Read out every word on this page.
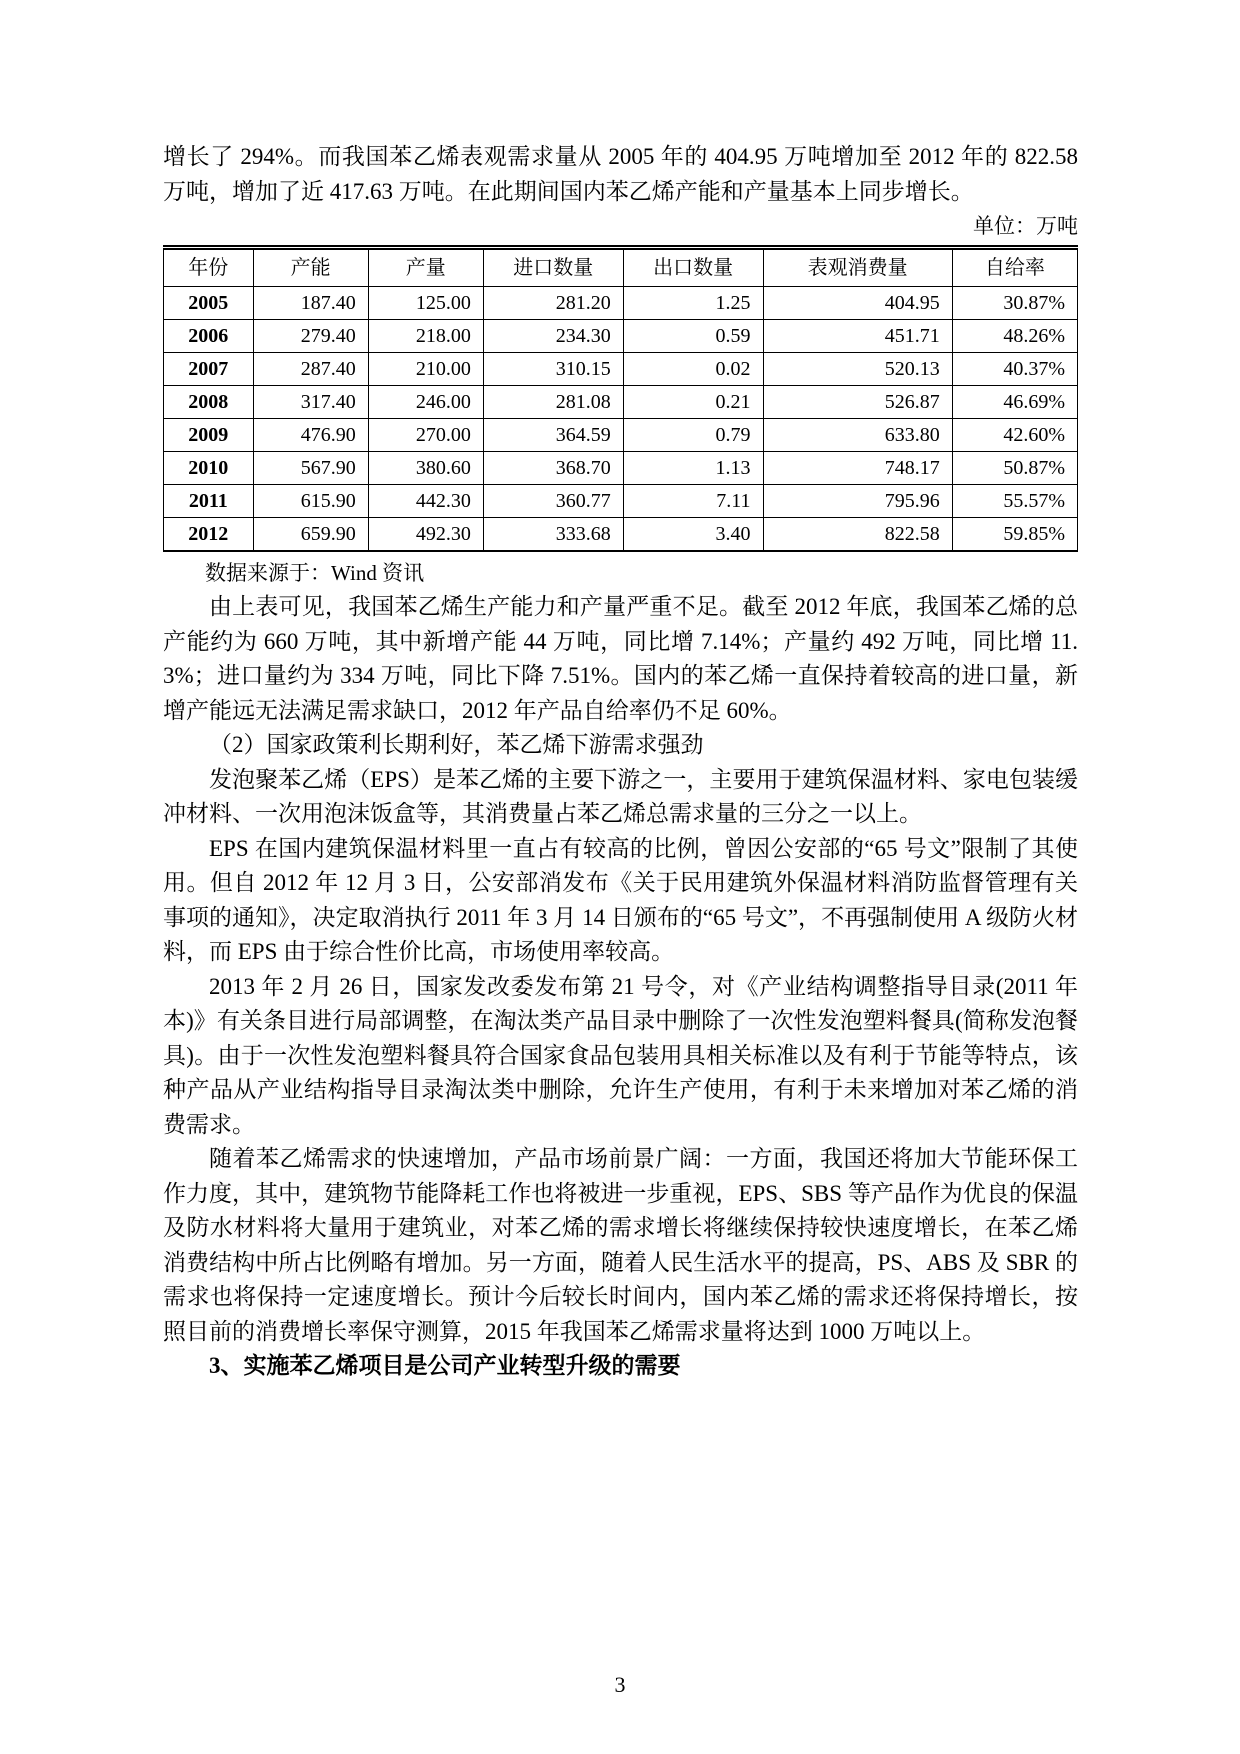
增长了 294%。而我国苯乙烯表观需求量从 2005 年的 404.95 万吨增加至 2012 年的 822.58 万吨，增加了近 417.63 万吨。在此期间国内苯乙烯产能和产量基本上同步增长。

单位：万吨

年份	产能	产量	进口数量	出口数量	表观消费量	自给率
2005	187.40	125.00	281.20	1.25	404.95	30.87%
2006	279.40	218.00	234.30	0.59	451.71	48.26%
2007	287.40	210.00	310.15	0.02	520.13	40.37%
2008	317.40	246.00	281.08	0.21	526.87	46.69%
2009	476.90	270.00	364.59	0.79	633.80	42.60%
2010	567.90	380.60	368.70	1.13	748.17	50.87%
2011	615.90	442.30	360.77	7.11	795.96	55.57%
2012	659.90	492.30	333.68	3.40	822.58	59.85%

数据来源于：Wind 资讯

由上表可见，我国苯乙烯生产能力和产量严重不足。截至 2012 年底，我国苯乙烯的总产能约为 660 万吨，其中新增产能 44 万吨，同比增 7.14%；产量约 492 万吨，同比增 11.3%；进口量约为 334 万吨，同比下降 7.51%。国内的苯乙烯一直保持着较高的进口量，新增产能远无法满足需求缺口，2012 年产品自给率仍不足 60%。

（2）国家政策利长期利好，苯乙烯下游需求强劲

发泡聚苯乙烯（EPS）是苯乙烯的主要下游之一，主要用于建筑保温材料、家电包装缓冲材料、一次用泡沫饭盒等，其消费量占苯乙烯总需求量的三分之一以上。

EPS 在国内建筑保温材料里一直占有较高的比例，曾因公安部的“65 号文”限制了其使用。但自 2012 年 12 月 3 日，公安部消发布《关于民用建筑外保温材料消防监督管理有关事项的通知》，决定取消执行 2011 年 3 月 14 日颁布的“65 号文”，不再强制使用 A 级防火材料，而 EPS 由于综合性价比高，市场使用率较高。

2013 年 2 月 26 日，国家发改委发布第 21 号令，对《产业结构调整指导目录(2011 年本)》有关条目进行局部调整，在淘汰类产品目录中删除了一次性发泡塑料餐具(简称发泡餐具)。由于一次性发泡塑料餐具符合国家食品包装用具相关标准以及有利于节能等特点，该种产品从产业结构指导目录淘汰类中删除，允许生产使用，有利于未来增加对苯乙烯的消费需求。

随着苯乙烯需求的快速增加，产品市场前景广阔：一方面，我国还将加大节能环保工作力度，其中，建筑物节能降耗工作也将被进一步重视，EPS、SBS 等产品作为优良的保温及防水材料将大量用于建筑业，对苯乙烯的需求增长将继续保持较快速度增长，在苯乙烯消费结构中所占比例略有增加。另一方面，随着人民生活水平的提高，PS、ABS 及 SBR 的需求也将保持一定速度增长。预计今后较长时间内，国内苯乙烯的需求还将保持增长，按照目前的消费增长率保守测算，2015 年我国苯乙烯需求量将达到 1000 万吨以上。

3、实施苯乙烯项目是公司产业转型升级的需要

3
